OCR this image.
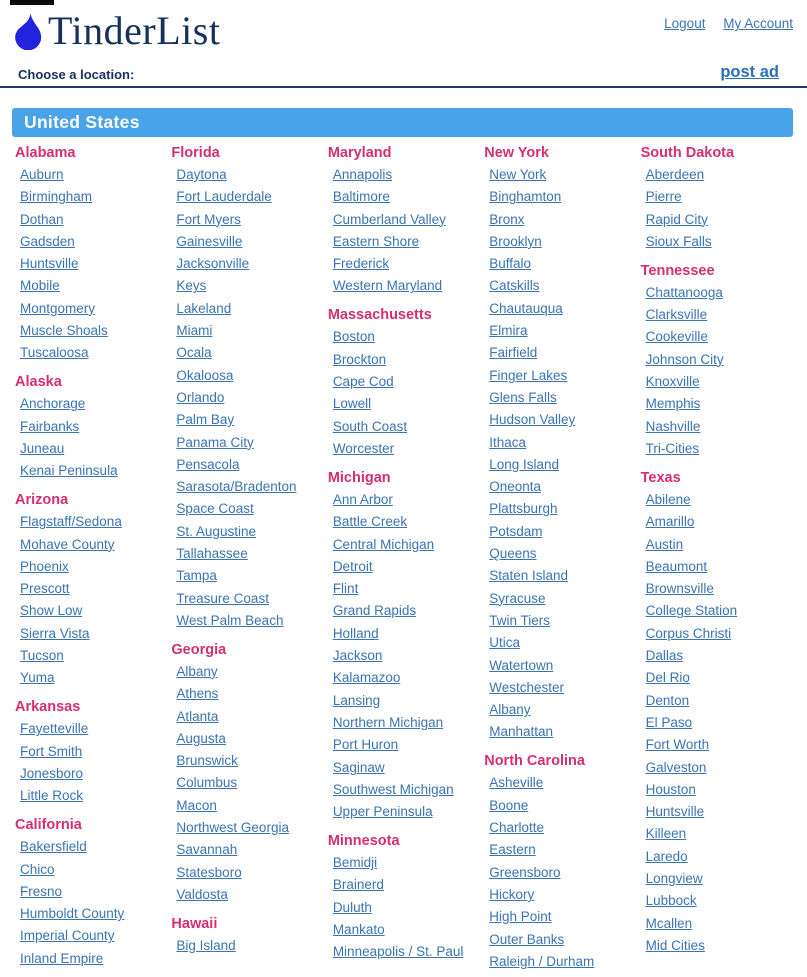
TinderList	Logout My Account
Choose a location:	post ad
United States
Alabama
Auburn
Birmingham
Dothan
Gadsden
Huntsville
Mobile
Montgomery
Muscle Shoals
Tuscaloosa
Alaska
Anchorage
Fairbanks
Juneau
Kenai Peninsula
Arizona
Flagstaff/Sedona
Mohave County
Phoenix
Prescott
Show Low
Sierra Vista
Tucson
Yuma
Arkansas
Fayetteville
Fort Smith
Jonesboro
Little Rock
California
Bakersfield
Chico
Fresno
Humboldt County
Imperial County
Inland Empire
Florida
Daytona
Fort Lauderdale
Fort Myers
Gainesville
Jacksonville
Keys
Lakeland
Miami
Ocala
Okaloosa
Orlando
Palm Bay
Panama City
Pensacola
Sarasota/Bradenton
Space Coast
St. Augustine
Tallahassee
Tampa
Treasure Coast
West Palm Beach
Georgia
Albany
Athens
Atlanta
Augusta
Brunswick
Columbus
Macon
Northwest Georgia
Savannah
Statesboro
Valdosta
Hawaii
Big Island
Maryland
Annapolis
Baltimore
Cumberland Valley
Eastern Shore
Frederick
Western Maryland
Massachusetts
Boston
Brockton
Cape Cod
Lowell
South Coast
Worcester
Michigan
Ann Arbor
Battle Creek
Central Michigan
Detroit
Flint
Grand Rapids
Holland
Jackson
Kalamazoo
Lansing
Northern Michigan
Port Huron
Saginaw
Southwest Michigan
Upper Peninsula
Minnesota
Bemidji
Brainerd
Duluth
Mankato
Minneapolis / St. Paul
New York
New York
Binghamton
Bronx
Brooklyn
Buffalo
Catskills
Chautauqua
Elmira
Fairfield
Finger Lakes
Glens Falls
Hudson Valley
Ithaca
Long Island
Oneonta
Plattsburgh
Potsdam
Queens
Staten Island
Syracuse
Twin Tiers
Utica
Watertown
Westchester
Albany
Manhattan
North Carolina
Asheville
Boone
Charlotte
Eastern
Greensboro
Hickory
High Point
Outer Banks
Raleigh / Durham
South Dakota
Aberdeen
Pierre
Rapid City
Sioux Falls
Tennessee
Chattanooga
Clarksville
Cookeville
Johnson City
Knoxville
Memphis
Nashville
Tri-Cities
Texas
Abilene
Amarillo
Austin
Beaumont
Brownsville
College Station
Corpus Christi
Dallas
Del Rio
Denton
El Paso
Fort Worth
Galveston
Houston
Huntsville
Killeen
Laredo
Longview
Lubbock
Mcallen
Mid Cities
